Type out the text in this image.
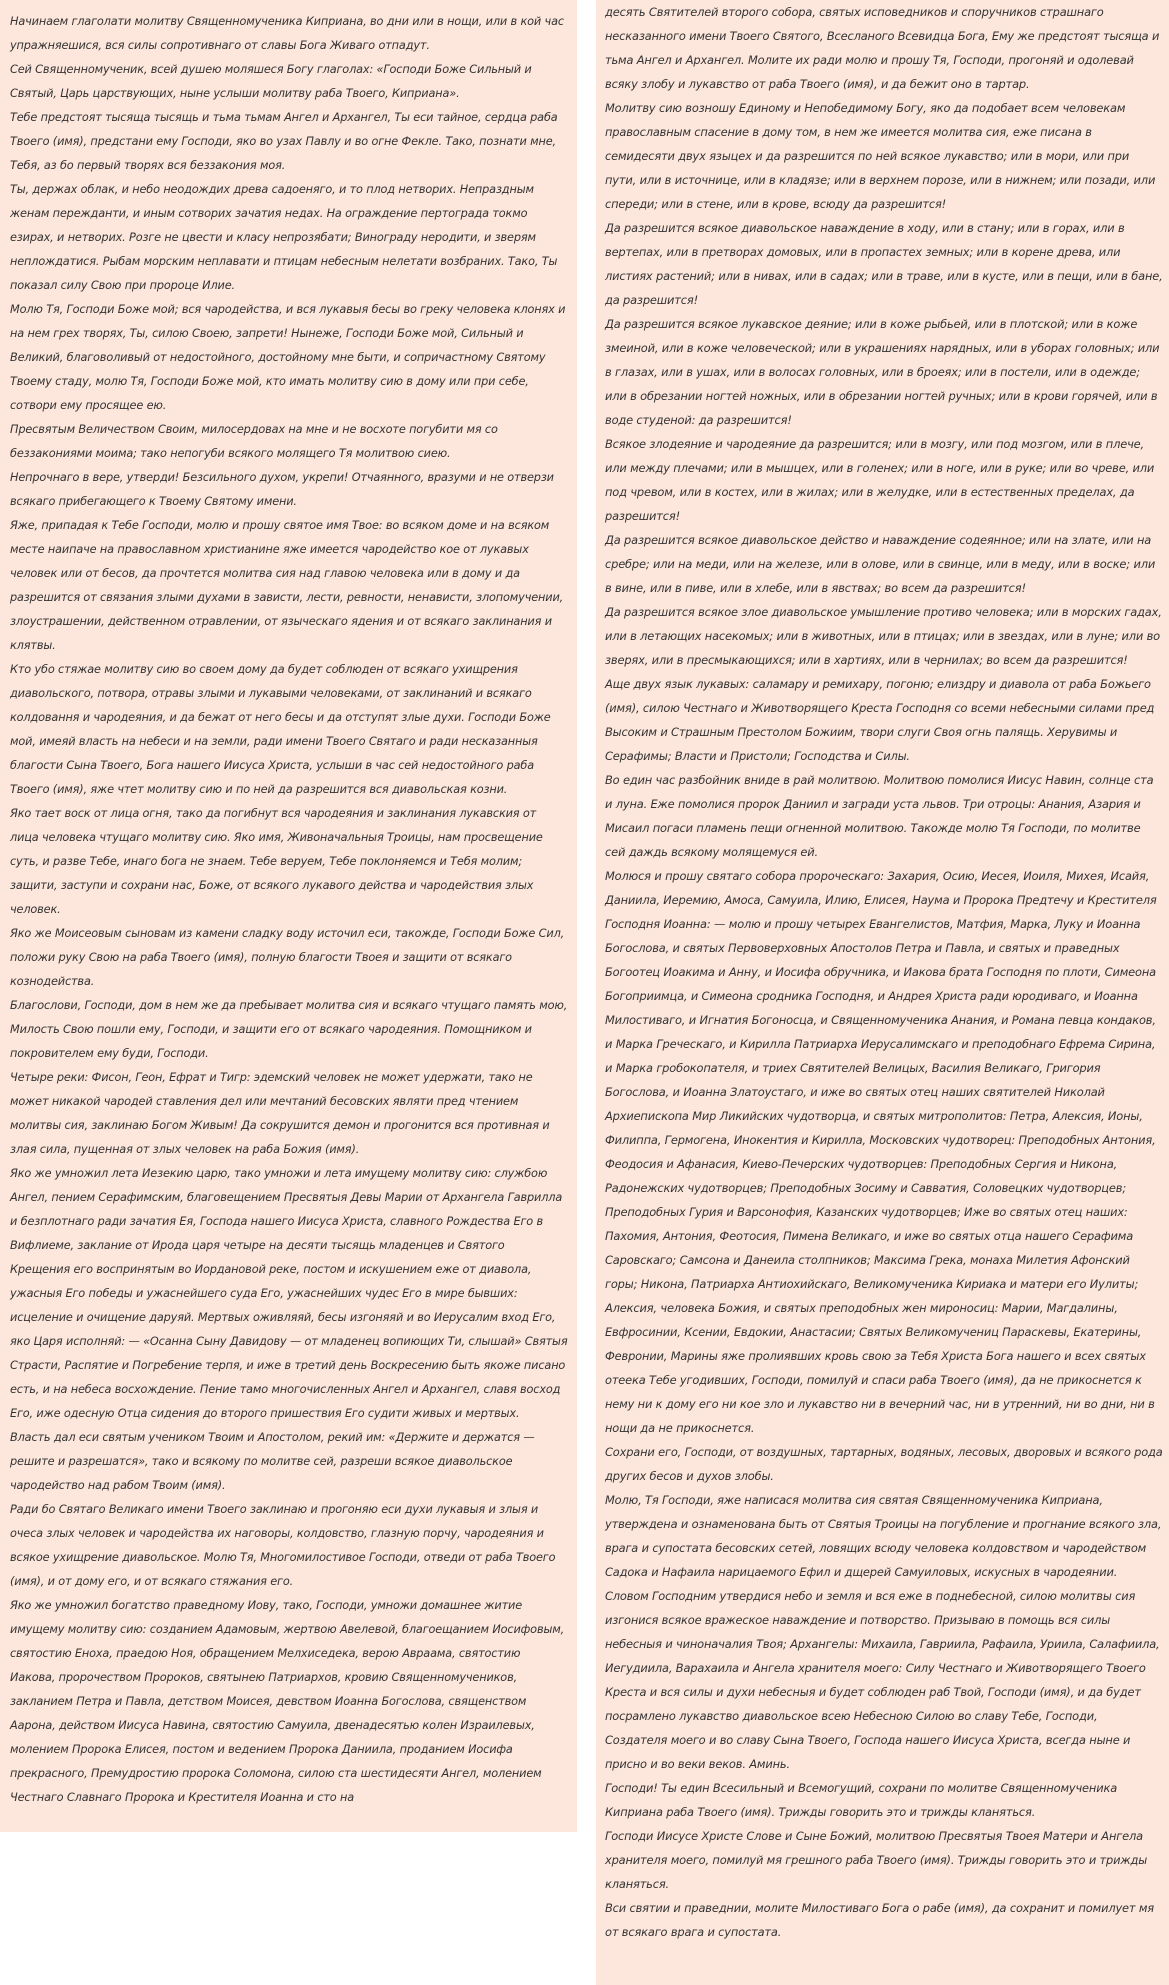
Начинаем глаголати молитву Священномученика Киприана, во дни или в нощи, или в кой час упражняешися, вся силы сопротивнаго от славы Бога Живаго отпадут.

Сей Священномученик, всей душею моляшеся Богу глаголах: «Господи Боже Сильный и Святый, Царь царствующих, ныне услыши молитву раба Твоего, Киприана».

Тебе предстоят тысяща тысящь и тьма тьмам Ангел и Архангел, Ты еси тайное, сердца раба Твоего (имя), предстани ему Господи, яко во узах Павлу и во огне Фекле. Тако, познати мне, Тебя, аз бо первый творях вся беззакония моя.

Ты, держах облак, и небо неодождих древа садоеняго, и то плод нетворих. Непраздным женам пережданти, и иным сотворих зачатия недах. На ограждение пертограда токмо езирах, и нетворих. Розге не цвести и класу непрозябати; Винограду неродити, и зверям неплождатися. Рыбам морским неплавати и птицам небесным нелетати возбраних. Тако, Ты показал силу Свою при пророце Илие.

Молю Тя, Господи Боже мой; вся чародейства, и вся лукавыя бесы во греку человека клонях и на нем грех творях, Ты, силою Своею, запрети! Нынеже, Господи Боже мой, Сильный и Великий, благоволивый от недостойного, достойному мне быти, и сопричастному Святому Твоему стаду, молю Тя, Господи Боже мой, кто имать молитву сию в дому или при себе, сотвори ему просящее ею.

Пресвятым Величеством Своим, милосердовах на мне и не восхоте погубити мя со беззакониями моима; тако непогуби всякого молящего Тя молитвою сиею.

Непрочнаго в вере, утверди! Безсильного духом, укрепи! Отчаянного, вразуми и не отверзи всякаго прибегающего к Твоему Святому имени.

Яже, припадая к Тебе Господи, молю и прошу святое имя Твое: во всяком доме и на всяком месте наипаче на православном христианине яже имеется чародейство кое от лукавых человек или от бесов, да прочтется молитва сия над главою человека или в дому и да разрешится от связания злыми духами в зависти, лести, ревности, ненависти, злопомучении, злоустрашении, действенном отравлении, от языческаго ядения и от всякаго заклинания и клятвы.

Кто убо стяжае молитву сию во своем дому да будет соблюден от всякаго ухищрения диавольского, потвора, отравы злыми и лукавыми человеками, от заклинаний и всякаго колдовання и чародеяния, и да бежат от него бесы и да отступят злые духи. Господи Боже мой, имеяй власть на небеси и на земли, ради имени Твоего Святаго и ради несказанныя благости Сына Твоего, Бога нашего Иисуса Христа, услыши в час сей недостойного раба Твоего (имя), яже чтет молитву сию и по ней да разрешится вся диавольская козни.

Яко тает воск от лица огня, тако да погибнут вся чародеяния и заклинания лукавския от лица человека чтущаго молитву сию. Яко имя, Живоначальныя Троицы, нам просвещение суть, и разве Тебе, инаго бога не знаем. Тебе веруем, Тебе поклоняемся и Тебя молим; защити, заступи и сохрани нас, Боже, от всякого лукавого действа и чародействия злых человек.

Яко же Моисеовым сыновам из камени сладку воду источил еси, такожде, Господи Боже Сил, положи руку Свою на раба Твоего (имя), полную благости Твоея и защити от всякаго кознодейства.

Благослови, Господи, дом в нем же да пребывает молитва сия и всякаго чтущаго память мою, Милость Свою пошли ему, Господи, и защити его от всякаго чародеяния. Помощником и покровителем ему буди, Господи.

Четыре реки: Фисон, Геон, Ефрат и Тигр: эдемский человек не может удержати, тако не может никакой чародей ставления дел или мечтаний бесовских являти пред чтением молитвы сия, заклинаю Богом Живым! Да сокрушится демон и прогонится вся противная и злая сила, пущенная от злых человек на раба Божия (имя).

Яко же умножил лета Иезекию царю, тако умножи и лета имущему молитву сию: службою Ангел, пением Серафимским, благовещением Пресвятыя Девы Марии от Архангела Гаврилла и безплотнаго ради зачатия Ея, Господа нашего Иисуса Христа, славного Рождества Его в Вифлиеме, заклание от Ирода царя четыре на десяти тысящь младенцев и Святого Крещения его воспринятым во Иордановой реке, постом и искушением еже от диавола, ужасныя Его победы и ужаснейшего суда Его, ужаснейших чудес Его в мире бывших: исцеление и очищение даруяй. Мертвых оживляяй, бесы изгоняяй и во Иерусалим вход Его, яко Царя исполняй: — «Осанна Сыну Давидову — от младенец вопиющих Ти, слышай» Святыя Страсти, Распятие и Погребение терпя, и иже в третий день Воскресению быть якоже писано есть, и на небеса восхождение. Пение тамо многочисленных Ангел и Архангел, славя восход Его, иже одесную Отца сидения до второго пришествия Его судити живых и мертвых.

Власть дал еси святым учеником Твоим и Апостолом, рекий им: «Держите и держатся — решите и разрешатся», тако и всякому по молитве сей, разреши всякое диавольское чародейство над рабом Твоим (имя).

Ради бо Святаго Великаго имени Твоего заклинаю и прогоняю еси духи лукавыя и злыя и очеса злых человек и чародейства их наговоры, колдовство, глазную порчу, чародеяния и всякое ухищрение диавольское. Молю Тя, Многомилостивое Господи, отведи от раба Твоего (имя), и от дому его, и от всякаго стяжания его.

Яко же умножил богатство праведному Иову, тако, Господи, умножи домашнее житие имущему молитву сию: созданием Адамовым, жертвою Авелевой, благоещанием Иосифовым, святостию Еноха, праедою Ноя, обращением Мелхиседека, верою Авраама, святостию Иакова, пророчеством Пророков, святынею Патриархов, кровию Священномучеников, закланием Петра и Павла, детством Моисея, девством Иоанна Богослова, священством Аарона, действом Иисуса Навина, святостию Самуила, двенадесятью колен Израилевых, молением Пророка Елисея, постом и ведением Пророка Даниила, проданием Иосифа прекрасного, Премудростию пророка Соломона, силою ста шестидесяти Ангел, молением Честнаго Славнаго Пророка и Крестителя Иоанна и сто на

десять Святителей второго собора, святых исповедников и споручников страшнаго несказанного имени Твоего Святого, Всесланого Всевидца Бога, Ему же предстоят тысяща и тьма Ангел и Архангел. Молите их ради молю и прошу Тя, Господи, прогоняй и одолевай всяку злобу и лукавство от раба Твоего (имя), и да бежит оно в тартар.

Молитву сию возношу Единому и Непобедимому Богу, яко да подобает всем человекам православным спасение в дому том, в нем же имеется молитва сия, еже писана в семидесяти двух языцех и да разрешится по ней всякое лукавство; или в мори, или при пути, или в источнице, или в кладязе; или в верхнем порозе, или в нижнем; или позади, или спереди; или в стене, или в крове, всюду да разрешится!

Да разрешится всякое диавольское наваждение в ходу, или в стану; или в горах, или в вертепах, или в претворах домовых, или в пропастех земных; или в корене древа, или листиях растений; или в нивах, или в садах; или в траве, или в кусте, или в пещи, или в бане, да разрешится!

Да разрешится всякое лукавское деяние; или в коже рыбьей, или в плотской; или в коже змеиной, или в коже человеческой; или в украшениях нарядных, или в уборах головных; или в глазах, или в ушах, или в волосах головных, или в броеях; или в постели, или в одежде; или в обрезании ногтей ножных, или в обрезании ногтей ручных; или в крови горячей, или в воде студеной: да разрешится!

Всякое злодеяние и чародеяние да разрешится; или в мозгу, или под мозгом, или в плече, или между плечами; или в мышцех, или в голенех; или в ноге, или в руке; или во чреве, или под чревом, или в костех, или в жилах; или в желудке, или в естественных пределах, да разрешится!

Да разрешится всякое диавольское действо и наваждение содеянное; или на злате, или на сребре; или на меди, или на железе, или в олове, или в свинце, или в меду, или в воске; или в вине, или в пиве, или в хлебе, или в явствах; во всем да разрешится!

Да разрешится всякое злое диавольское умышление противо человека; или в морских гадах, или в летающих насекомых; или в животных, или в птицах; или в звездах, или в луне; или во зверях, или в пресмыкающихся; или в хартиях, или в чернилах; во всем да разрешится!

Аще двух язык лукавых: саламару и ремихару, погоню; елиздру и диавола от раба Божьего (имя), силою Честнаго и Животворящего Креста Господня со всеми небесными силами пред Высоким и Страшным Престолом Божиим, твори слуги Своя огнь палящь. Херувимы и Серафимы; Власти и Пристоли; Господства и Силы.

Во един час разбойник внидe в рай молитвою. Молитвою помолися Иисус Навин, солнце ста и луна. Еже помолися пророк Даниил и загради уста львов. Три отроцы: Анания, Азария и Мисаил погаси пламень пещи огненной молитвою. Такожде молю Тя Господи, по молитве сей даждь всякому молящемуся ей.

Молюся и прошу святаго собора пророческаго: Захария, Осию, Иесея, Иоиля, Михея, Исайя, Даниила, Иеремию, Амоса, Самуила, Илию, Елисея, Наума и Пророка Предтечу и Крестителя Господня Иоанна: — молю и прошу четырех Евангелистов, Матфия, Марка, Луку и Иоанна Богослова, и святых Первоверховных Апостолов Петра и Павла, и святых и праведных Богоотец Иоакима и Анну, и Иосифа обручника, и Иакова брата Господня по плоти, Симеона Богоприимца, и Симеона сродника Господня, и Андрея Христа ради юродиваго, и Иоанна Милостиваго, и Игнатия Богоносца, и Священномученика Анания, и Романа певца кондаков, и Марка Греческаго, и Кирилла Патриарха Иерусалимскаго и преподобнаго Ефрема Сирина, и Марка гробокопателя, и триех Святителей Велицых, Василия Великаго, Григория Богослова, и Иоанна Златоустаго, и иже во святых отец наших святителей Николай Архиепископа Мир Ликийских чудотворца, и святых митрополитов: Петра, Алексия, Ионы, Филиппа, Гермогена, Инокентия и Кирилла, Московских чудотворец: Преподобных Антония, Феодосия и Афанасия, Киево-Печерских чудотворцев: Преподобных Сергия и Никона, Радонежских чудотворцев; Преподобных Зосиму и Савватия, Соловецких чудотворцев; Преподобных Гурия и Варсонофия, Казанских чудотворцев; Иже во святых отец наших: Пахомия, Антония, Феотосия, Пимена Великаго, и иже во святых отца нашего Серафима Саровскаго; Самсона и Данеила столпников; Максима Грека, монаха Милетия Афонский горы; Никона, Патриарха Антиохийскаго, Великомученика Кириака и матери его Иулиты; Алексия, человека Божия, и святых преподобных жен мироносиц: Марии, Магдалины, Евфросинии, Ксении, Евдокии, Анастасии; Святых Великомучениц Параскевы, Екатерины, Февронии, Марины яже пролиявших кровь свою за Тебя Христа Бога нашего и всех святых отеека Тебе угодивших, Господи, помилуй и спаси раба Твоего (имя), да не прикоснется к нему ни к дому его ни кое зло и лукавство ни в вечерний час, ни в утренний, ни во дни, ни в нощи да не прикоснется.

Сохрани его, Господи, от воздушных, тартарных, водяных, лесовых, дворовых и всякого рода других бесов и духов злобы.

Молю, Тя Господи, яже написася молитва сия святая Священномученика Киприана, утверждена и ознаменована быть от Святыя Троицы на погубление и прогнание всякого зла, врага и супостата бесовских сетей, ловящих всюду человека колдовством и чародейством Садока и Нафаила нарицаемого Ефил и дщерей Самуиловых, искусных в чародеянии.

Словом Господним утвердися небо и земля и вся еже в поднебесной, силою молитвы сия изгонися всякое вражеское наваждение и потворство. Призываю в помощь вся силы небесныя и чиноначалия Твоя; Архангелы: Михаила, Гавриила, Рафаила, Уриила, Салафиила, Иегудиила, Варахаила и Ангела хранителя моего: Силу Честнаго и Животворящего Твоего Креста и вся силы и духи небесныя и будет соблюден раб Твой, Господи (имя), и да будет посрамлено лукавство диавольское всею Небесною Силою во славу Тебе, Господи, Создателя моего и во славу Сына Твоего, Господа нашего Иисуса Христа, всегда ныне и присно и во веки веков. Аминь.

Господи! Ты един Всесильный и Всемогущий, сохрани по молитве Священномученика Киприана раба Твоего (имя). Трижды говорить это и трижды кланяться.

Господи Иисусе Христе Слове и Сыне Божий, молитвою Пресвятыя Твоея Матери и Ангела хранителя моего, помилуй мя грешного раба Твоего (имя). Трижды говорить это и трижды кланяться.

Вси святии и праведнии, молите Милостиваго Бога о рабе (имя), да сохранит и помилует мя от всякаго врага и супостата.
